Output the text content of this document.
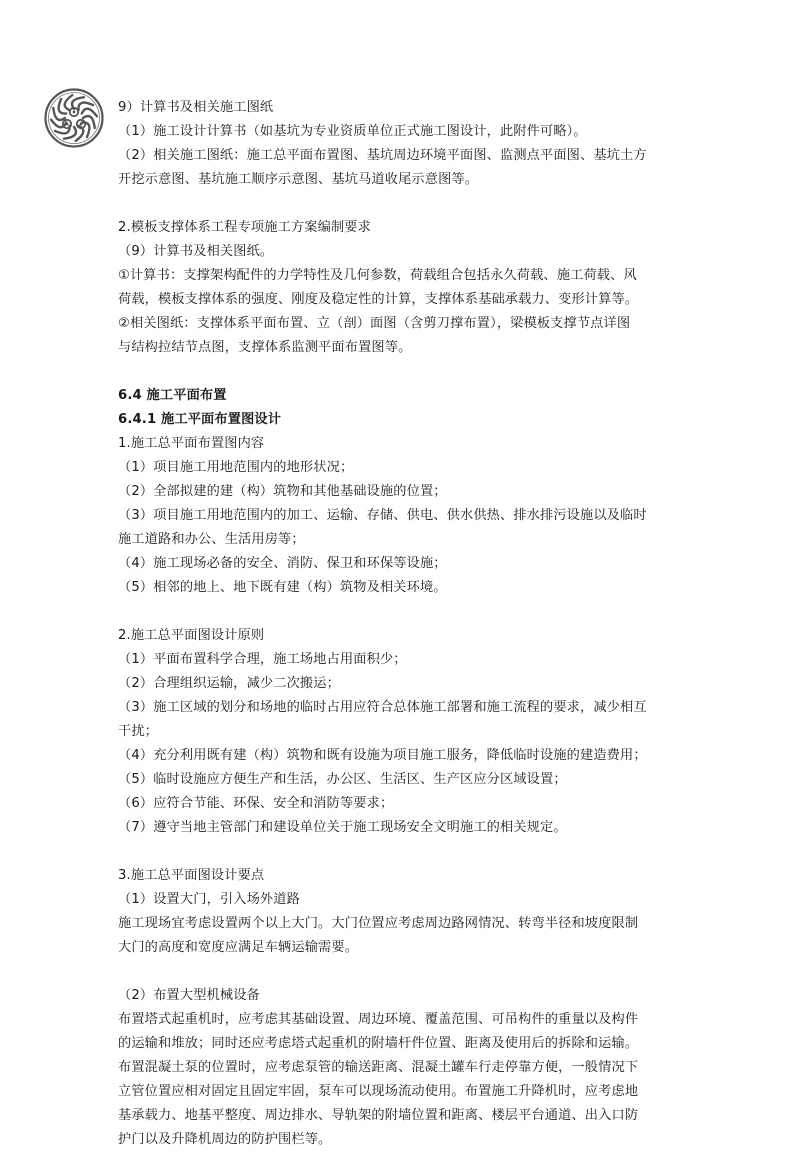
9）计算书及相关施工图纸

（1）施工设计计算书（如基坑为专业资质单位正式施工图设计，此附件可略）。

（2）相关施工图纸：施工总平面布置图、基坑周边环境平面图、监测点平面图、基坑土方

开挖示意图、基坑施工顺序示意图、基坑马道收尾示意图等。

2.模板支撑体系工程专项施工方案编制要求

（9）计算书及相关图纸。

①计算书：支撑架构配件的力学特性及几何参数，荷载组合包括永久荷载、施工荷载、风

荷载，模板支撑体系的强度、刚度及稳定性的计算，支撑体系基础承载力、变形计算等。

②相关图纸：支撑体系平面布置、立（剖）面图（含剪刀撑布置），梁模板支撑节点详图

与结构拉结节点图，支撑体系监测平面布置图等。

6.4 施工平面布置

6.4.1 施工平面布置图设计

1.施工总平面布置图内容

（1）项目施工用地范围内的地形状况；

（2）全部拟建的建（构）筑物和其他基础设施的位置；

（3）项目施工用地范围内的加工、运输、存储、供电、供水供热、排水排污设施以及临时

施工道路和办公、生活用房等；

（4）施工现场必备的安全、消防、保卫和环保等设施；

（5）相邻的地上、地下既有建（构）筑物及相关环境。

2.施工总平面图设计原则

（1）平面布置科学合理，施工场地占用面积少；

（2）合理组织运输，减少二次搬运；

（3）施工区域的划分和场地的临时占用应符合总体施工部署和施工流程的要求，减少相互

干扰；

（4）充分利用既有建（构）筑物和既有设施为项目施工服务，降低临时设施的建造费用；

（5）临时设施应方便生产和生活，办公区、生活区、生产区应分区域设置；

（6）应符合节能、环保、安全和消防等要求；

（7）遵守当地主管部门和建设单位关于施工现场安全文明施工的相关规定。

3.施工总平面图设计要点

（1）设置大门，引入场外道路

施工现场宜考虑设置两个以上大门。大门位置应考虑周边路网情况、转弯半径和坡度限制

大门的高度和宽度应满足车辆运输需要。

（2）布置大型机械设备

布置塔式起重机时，应考虑其基础设置、周边环境、覆盖范围、可吊构件的重量以及构件

的运输和堆放；同时还应考虑塔式起重机的附墙杆件位置、距离及使用后的拆除和运输。

布置混凝土泵的位置时，应考虑泵管的输送距离、混凝土罐车行走停靠方便，一般情况下

立管位置应相对固定且固定牢固，泵车可以现场流动使用。布置施工升降机时，应考虑地

基承载力、地基平整度、周边排水、导轨架的附墙位置和距离、楼层平台通道、出入口防

护门以及升降机周边的防护围栏等。
